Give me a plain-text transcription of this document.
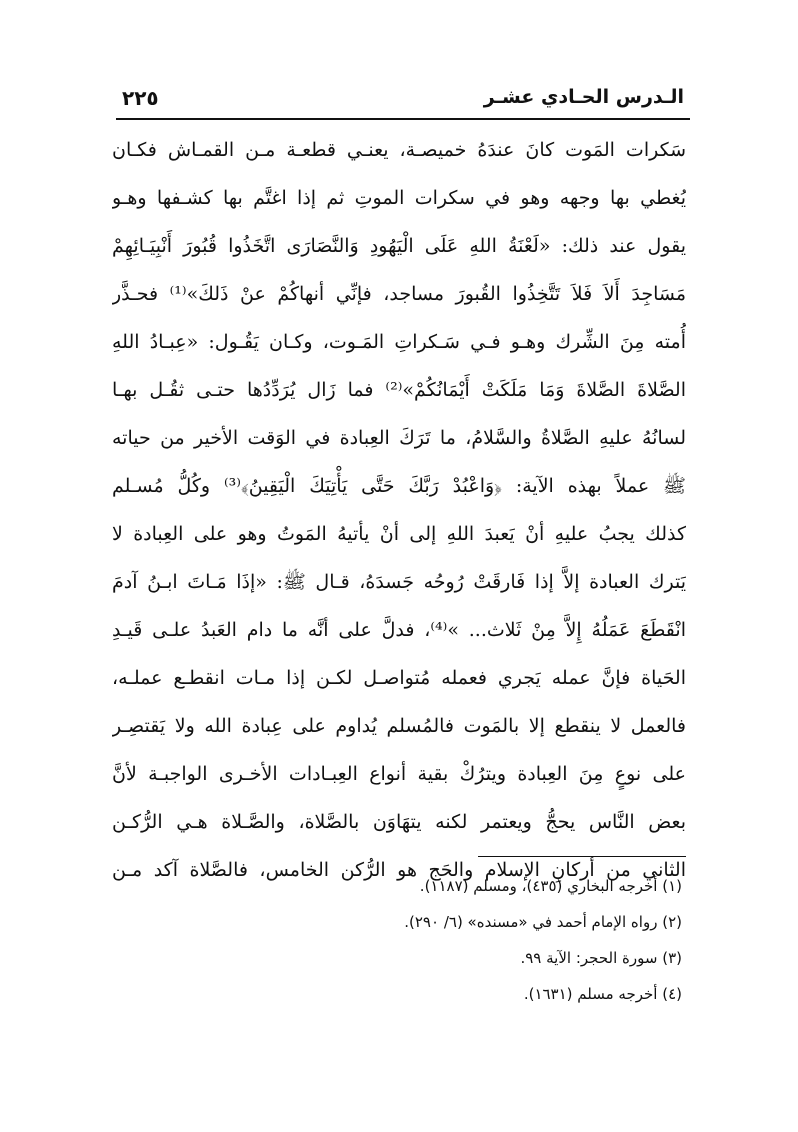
الـدرس الحـادي عشـر
٢٢٥
سَكرات المَوت كانَ عندَهُ خميصـة، يعنـي قطعـة مـن القمـاش فكـان
يُغطي بها وجهه وهو في سكرات الموتِ ثم إذا اغتَّم بها كشـفها وهـو
يقول عند ذلك: «لَعْنَةُ اللهِ عَلَى الْيَهُودِ وَالنَّصَارَى اتَّخَذُوا قُبُورَ أَنْبِيَـائِهِمْ
مَسَاجِدَ أَلاَ فَلاَ تَتَّخِذُوا القُبورَ مساجد، فإنِّي أنهاكُمْ عنْ ذَلكَ»⁽¹⁾ فحـذَّر
أُمته مِنَ الشِّرك وهـو فـي سَـكراتِ المَـوت، وكـان يَقُـول: «عِبـادُ اللهِ
الصَّلاةَ الصَّلاةَ وَمَا مَلَكَتْ أَيْمَانُكُمْ»⁽²⁾ فما زَال يُرَدِّدُها حتـى ثقُـل بهـا
لسانُهُ عليهِ الصَّلاةُ والسَّلامُ، ما تَرَكَ العِبادة في الوَقت الأخير من حياته
ﷺ عملاً بهذه الآية: ﴿وَاعْبُدْ رَبَّكَ حَتَّى يَأْتِيَكَ الْيَقِينُ﴾⁽³⁾ وكُلُّ مُسـلم
كذلك يجبُ عليهِ أنْ يَعبدَ اللهِ إلى أنْ يأتيهُ المَوتُ وهو على العِبادة لا
يَترك العبادة إلاَّ إذا فَارقَتْ رُوحُه جَسدَهُ، قـال ﷺ: «إذَا مَـاتَ ابـنُ آدمَ
انْقَطَعَ عَمَلُهُ إِلاَّ مِنْ ثَلاث... »⁽⁴⁾، فدلَّ على أنَّه ما دام العَبدُ علـى قَيـدِ
الحَياة فإنَّ عمله يَجري فعمله مُتواصـل لكـن إذا مـات انقطـع عملـه،
فالعمل لا ينقطع إلا بالمَوت فالمُسلم يُداوم على عِبادة الله ولا يَقتصِـر
على نوعٍ مِنَ العِبادة ويترُكْ بقية أنواع العِبـادات الأخـرى الواجبـة لأنَّ
بعض النَّاس يحجُّ ويعتمر لكنه يتهَاوَن بالصَّلاة، والصَّـلاة هـي الرُّكـن
الثاني من أركانِ الإسلام والحَج هو الرُّكن الخامس، فالصَّلاة آكد مـن
(١) أخرجه البخاري (٤٣٥)، ومسلم (١١٨٧).
(٢) رواه الإمام أحمد في «مسنده» (٦/ ٢٩٠).
(٣) سورة الحجر: الآية ٩٩.
(٤) أخرجه مسلم (١٦٣١).
